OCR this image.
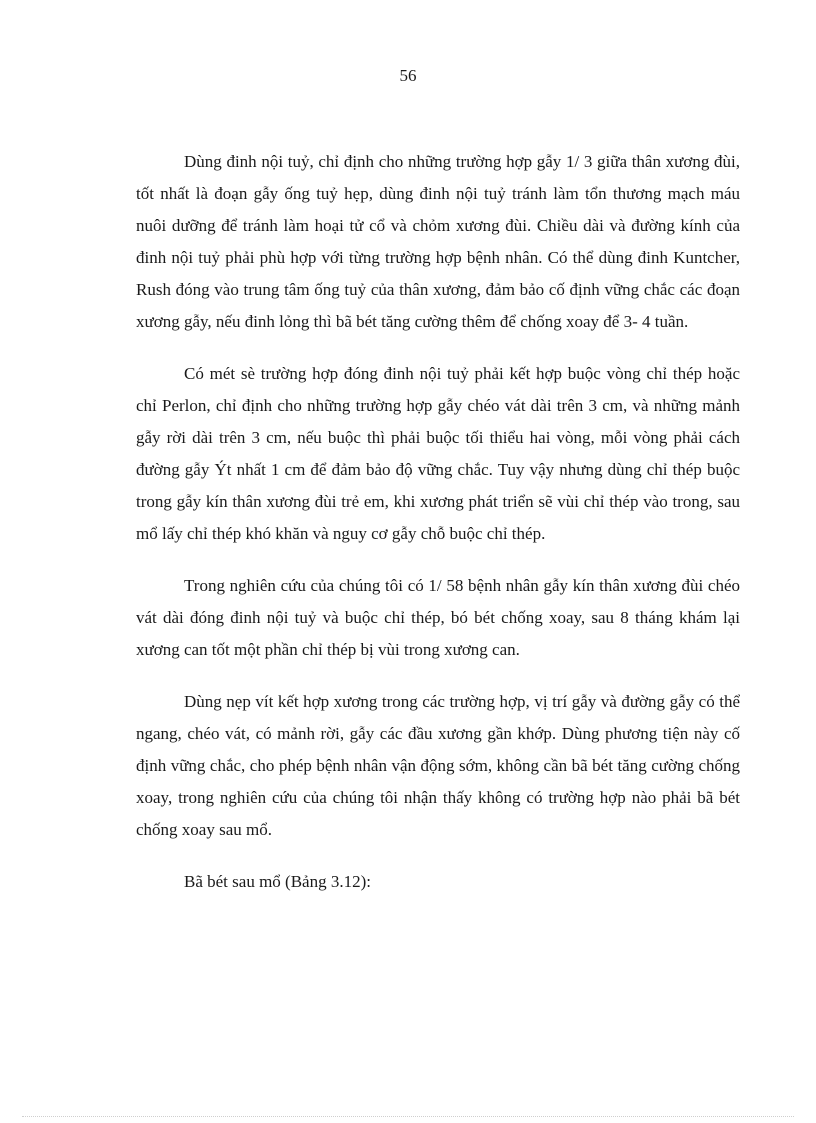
56

Dùng đinh nội tuỷ, chỉ định cho những trường hợp gẫy 1/ 3 giữa thân xương đùi, tốt nhất là đoạn gẫy ống tuỷ hẹp, dùng đinh nội tuỷ tránh làm tổn thương mạch máu nuôi dưỡng để tránh làm hoại tử cổ và chỏm xương đùi. Chiều dài và đường kính của đinh nội tuỷ phải phù hợp với từng trường hợp bệnh nhân. Có thể dùng đinh Kuntcher, Rush đóng vào trung tâm ống tuỷ của thân xương, đảm bảo cố định vững chắc các đoạn xương gẫy, nếu đinh lỏng thì bã bét tăng cường thêm để chống xoay để 3- 4 tuần.

Có mét sè trường hợp đóng đinh nội tuỷ phải kết hợp buộc vòng chỉ thép hoặc chỉ Perlon, chỉ định cho những trường hợp gẫy chéo vát dài trên 3 cm, và những mảnh gẫy rời dài trên 3 cm, nếu buộc thì phải buộc tối thiểu hai vòng, mỗi vòng phải cách đường gẫy Ýt nhất 1 cm để đảm bảo độ vững chắc. Tuy vậy nhưng dùng chỉ thép buộc trong gẫy kín thân xương đùi trẻ em, khi xương phát triển sẽ vùi chỉ thép vào trong, sau mổ lấy chỉ thép khó khăn và nguy cơ gẫy chỗ buộc chỉ thép.

Trong nghiên cứu của chúng tôi có 1/ 58 bệnh nhân gẫy kín thân xương đùi chéo vát dài đóng đinh nội tuỷ và buộc chỉ thép, bó bét chống xoay, sau 8 tháng khám lại xương can tốt một phần chỉ thép bị vùi trong xương can.

Dùng nẹp vít kết hợp xương trong các trường hợp, vị trí gẫy và đường gẫy có thể ngang, chéo vát, có mảnh rời, gẫy các đầu xương gần khớp. Dùng phương tiện này cố định vững chắc, cho phép bệnh nhân vận động sớm, không cần bã bét tăng cường chống xoay, trong nghiên cứu của chúng tôi nhận thấy không có trường hợp nào phải bã bét chống xoay sau mổ.

Bã bét sau mổ (Bảng 3.12):
